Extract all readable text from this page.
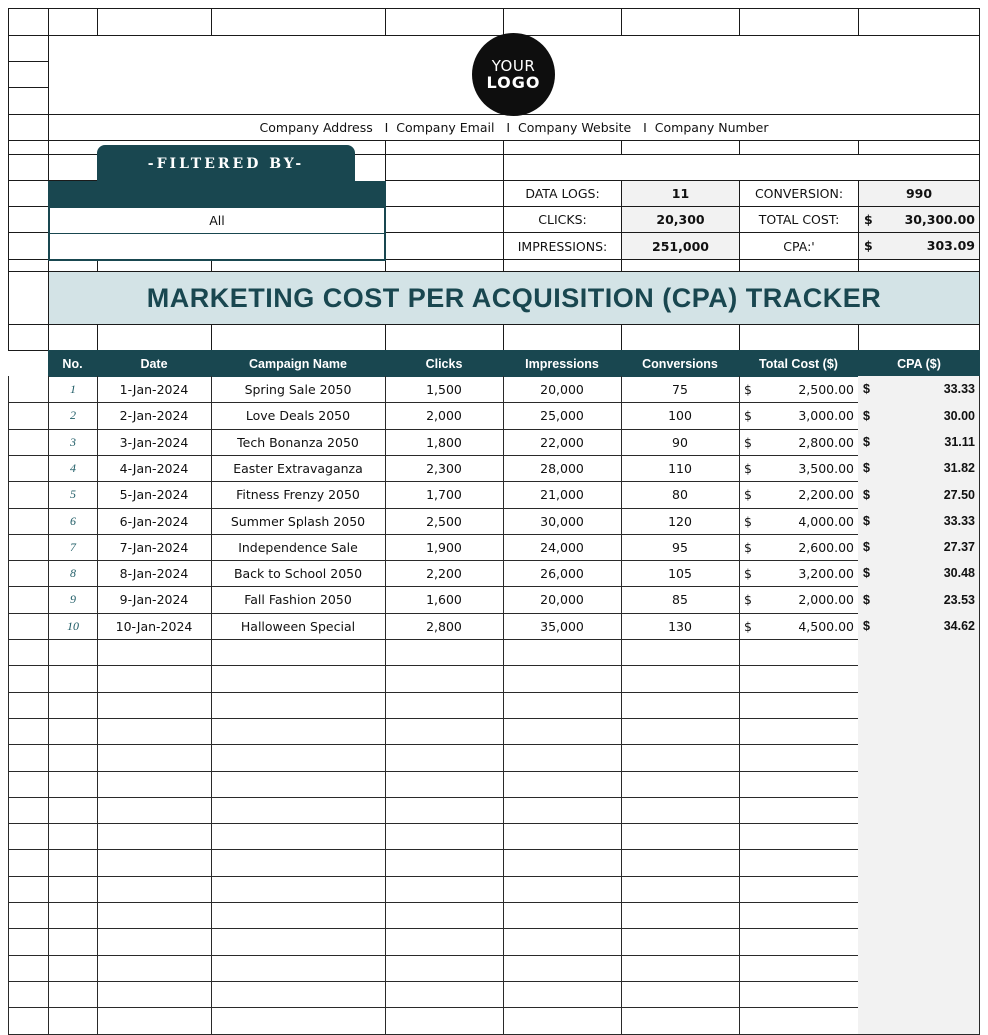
Company Address   I  Company Email   I  Company Website   I  Company Number
YOUR
LOGO
DATA LOGS:	11	CONVERSION:	990
CLICKS:	20,300	TOTAL COST: $	30,300.00
IMPRESSIONS:	251,000	CPA:'	$	303.09
-FILTERED BY-
All
MARKETING COST PER ACQUISITION (CPA) TRACKER
No.	Date	Campaign Name	Clicks	Impressions	Conversions	Total Cost ($)	CPA ($)
1	1-Jan-2024	Spring Sale 2050	1,500	20,000	75	$	2,500.00 $	33.33
2	2-Jan-2024	Love Deals 2050	2,000	25,000	100	$	3,000.00 $	30.00
3	3-Jan-2024	Tech Bonanza 2050	1,800	22,000	90	$	2,800.00 $	31.11
4	4-Jan-2024	Easter Extravaganza	2,300	28,000	110	$	3,500.00 $	31.82
5	5-Jan-2024	Fitness Frenzy 2050	1,700	21,000	80	$	2,200.00 $	27.50
6	6-Jan-2024	Summer Splash 2050	2,500	30,000	120	$	4,000.00 $	33.33
7	7-Jan-2024	Independence Sale	1,900	24,000	95	$	2,600.00 $	27.37
8	8-Jan-2024	Back to School 2050	2,200	26,000	105	$	3,200.00 $	30.48
9	9-Jan-2024	Fall Fashion 2050	1,600	20,000	85	$	2,000.00 $	23.53
10	10-Jan-2024	Halloween Special	2,800	35,000	130	$	4,500.00 $	34.62
